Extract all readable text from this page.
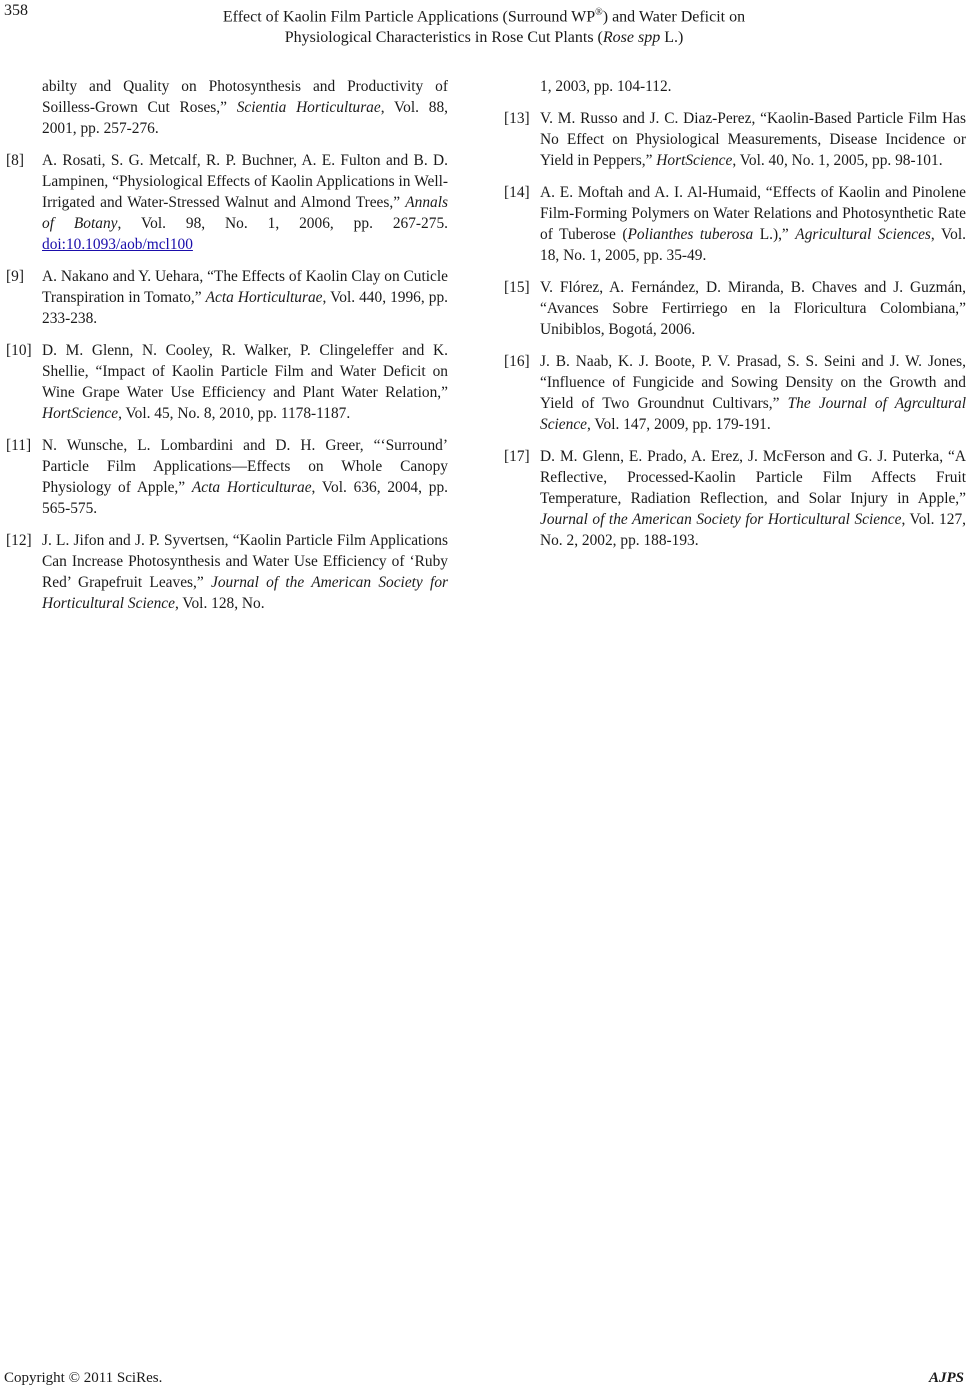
358	Effect of Kaolin Film Particle Applications (Surround WP®) and Water Deficit on
Physiological Characteristics in Rose Cut Plants (Rose spp L.)
abilty and Quality on Photosynthesis and Productivity of Soilless-Grown Cut Roses,” Scientia Horticulturae, Vol. 88, 2001, pp. 257-276.
[8]	A. Rosati, S. G. Metcalf, R. P. Buchner, A. E. Fulton and B. D. Lampinen, “Physiological Effects of Kaolin Applications in Well-Irrigated and Water-Stressed Walnut and Almond Trees,” Annals of Botany, Vol. 98, No. 1, 2006, pp. 267-275. doi:10.1093/aob/mcl100
[9]	A. Nakano and Y. Uehara, “The Effects of Kaolin Clay on Cuticle Transpiration in Tomato,” Acta Horticulturae, Vol. 440, 1996, pp. 233-238.
[10] D. M. Glenn, N. Cooley, R. Walker, P. Clingeleffer and K. Shellie, “Impact of Kaolin Particle Film and Water Deficit on Wine Grape Water Use Efficiency and Plant Water Relation,” HortScience, Vol. 45, No. 8, 2010, pp. 1178-1187.
[11] N. Wunsche, L. Lombardini and D. H. Greer, “‘Surround’ Particle Film Applications―Effects on Whole Canopy Physiology of Apple,” Acta Horticulturae, Vol. 636, 2004, pp. 565-575.
[12] J. L. Jifon and J. P. Syvertsen, “Kaolin Particle Film Applications Can Increase Photosynthesis and Water Use Efficiency of ‘Ruby Red’ Grapefruit Leaves,” Journal of the American Society for Horticultural Science, Vol. 128, No.
1, 2003, pp. 104-112.
[13] V. M. Russo and J. C. Diaz-Perez, “Kaolin-Based Particle Film Has No Effect on Physiological Measurements, Disease Incidence or Yield in Peppers,” HortScience, Vol. 40, No. 1, 2005, pp. 98-101.
[14] A. E. Moftah and A. I. Al-Humaid, “Effects of Kaolin and Pinolene Film-Forming Polymers on Water Relations and Photosynthetic Rate of Tuberose (Polianthes tuberosa L.),” Agricultural Sciences, Vol. 18, No. 1, 2005, pp. 35-49.
[15] V. Flórez, A. Fernández, D. Miranda, B. Chaves and J. Guzmán, “Avances Sobre Fertirriego en la Floricultura Colombiana,” Unibiblos, Bogotá, 2006.
[16] J. B. Naab, K. J. Boote, P. V. Prasad, S. S. Seini and J. W. Jones, “Influence of Fungicide and Sowing Density on the Growth and Yield of Two Groundnut Cultivars,” The Journal of Agrcultural Science, Vol. 147, 2009, pp. 179-191.
[17] D. M. Glenn, E. Prado, A. Erez, J. McFerson and G. J. Puterka, “A Reflective, Processed-Kaolin Particle Film Affects Fruit Temperature, Radiation Reflection, and Solar Injury in Apple,” Journal of the American Society for Horticultural Science, Vol. 127, No. 2, 2002, pp. 188-193.
Copyright © 2011 SciRes.	AJPS
